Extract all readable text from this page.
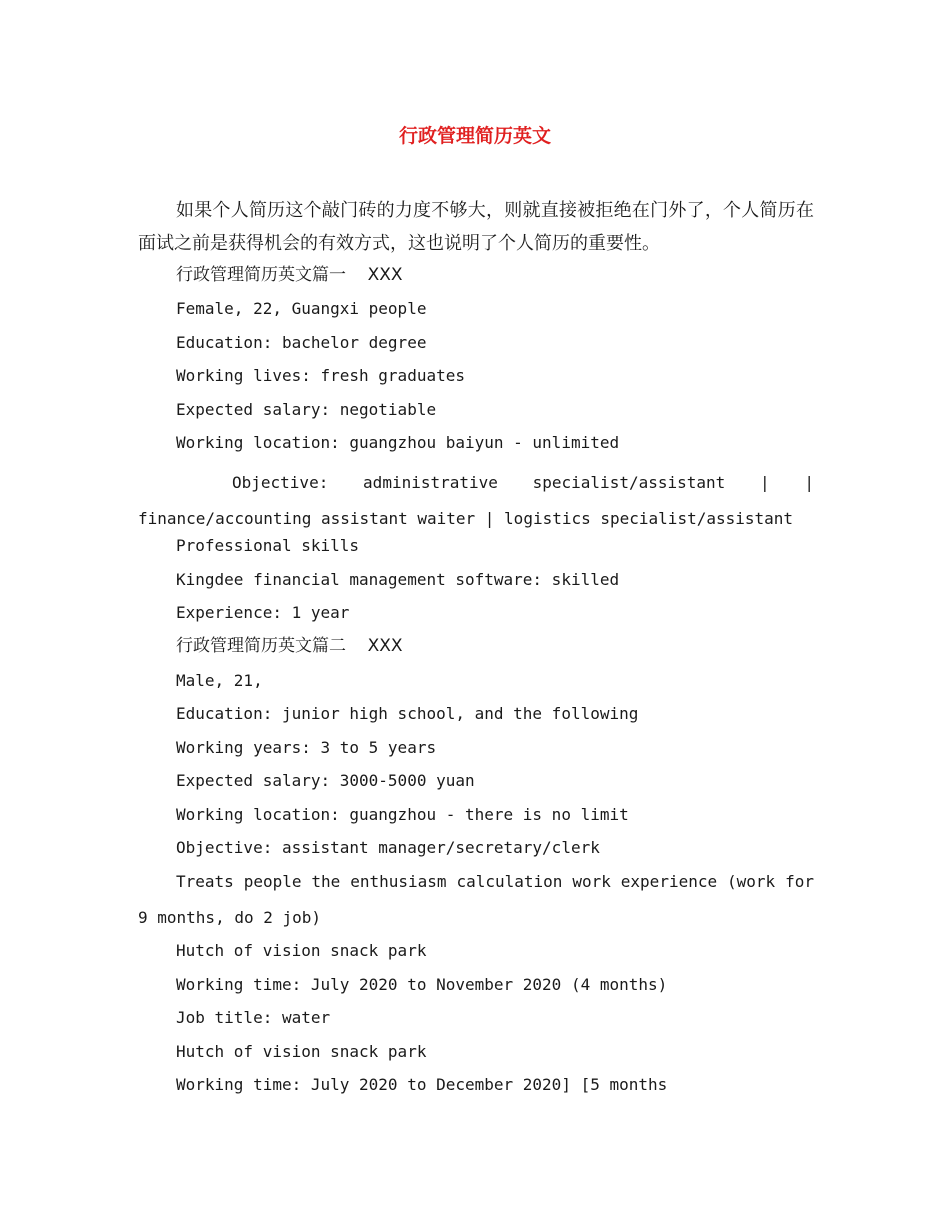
行政管理简历英文
如果个人简历这个敲门砖的力度不够大，则就直接被拒绝在门外了，个人简历在面试之前是获得机会的有效方式，这也说明了个人简历的重要性。
行政管理简历英文篇一    XXX
Female, 22, Guangxi people
Education: bachelor degree
Working lives: fresh graduates
Expected salary: negotiable
Working location: guangzhou baiyun - unlimited
Objective: administrative specialist/assistant | |
finance/accounting assistant waiter | logistics specialist/assistant
Professional skills
Kingdee financial management software: skilled
Experience: 1 year
行政管理简历英文篇二    XXX
Male, 21,
Education: junior high school, and the following
Working years: 3 to 5 years
Expected salary: 3000-5000 yuan
Working location: guangzhou - there is no limit
Objective: assistant manager/secretary/clerk
Treats people the enthusiasm calculation work experience (work for 9 months, do 2 job)
Hutch of vision snack park
Working time: July 2020 to November 2020 (4 months)
Job title: water
Hutch of vision snack park
Working time: July 2020 to December 2020] [5 months
